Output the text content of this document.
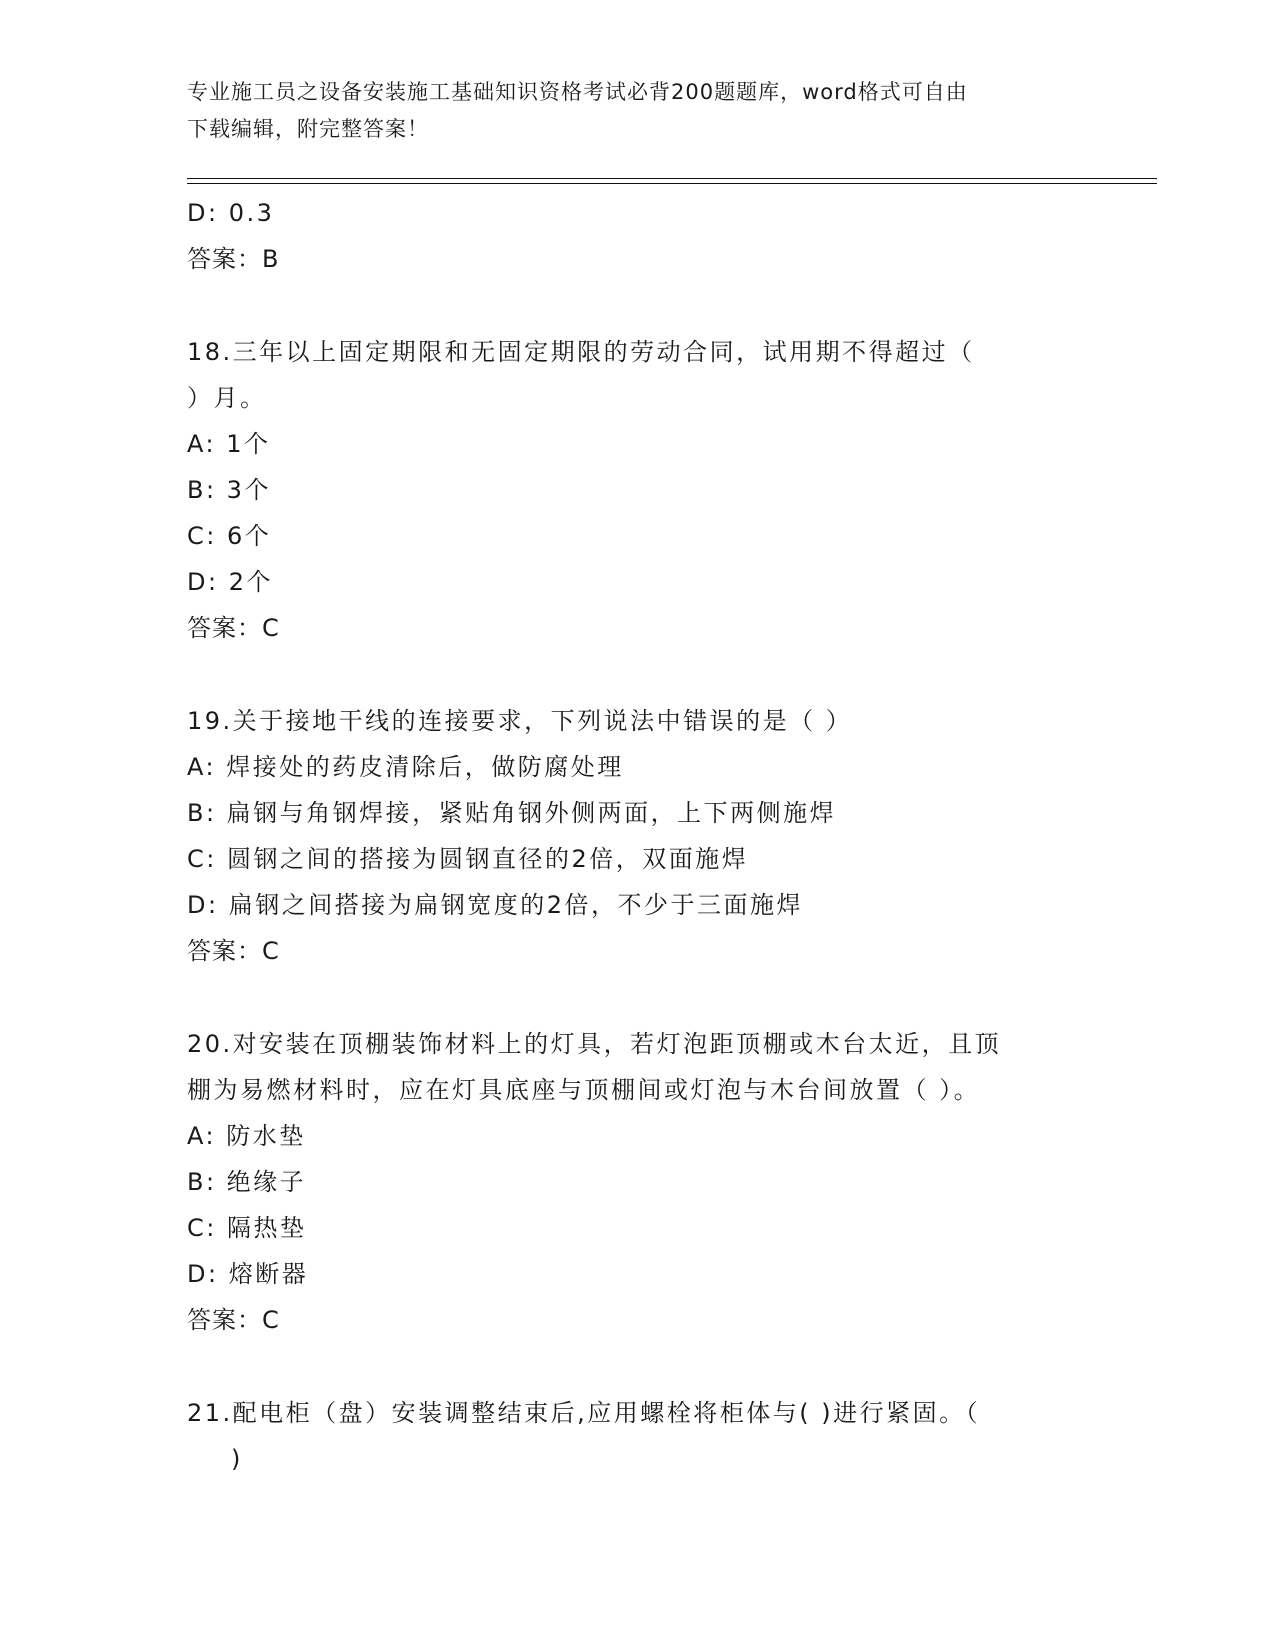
专业施工员之设备安装施工基础知识资格考试必背200题题库，word格式可自由
下载编辑，附完整答案！
D: 0.3
答案：B
18.三年以上固定期限和无固定期限的劳动合同，试用期不得超过（
）月。
A: 1个
B: 3个
C: 6个
D: 2个
答案：C
19.关于接地干线的连接要求，下列说法中错误的是（ ）
A: 焊接处的药皮清除后，做防腐处理
B: 扁钢与角钢焊接，紧贴角钢外侧两面，上下两侧施焊
C: 圆钢之间的搭接为圆钢直径的2倍，双面施焊
D: 扁钢之间搭接为扁钢宽度的2倍，不少于三面施焊
答案：C
20.对安装在顶棚装饰材料上的灯具，若灯泡距顶棚或木台太近，且顶
棚为易燃材料时，应在灯具底座与顶棚间或灯泡与木台间放置（ ）。
A: 防水垫
B: 绝缘子
C: 隔热垫
D: 熔断器
答案：C
21.配电柜（盘）安装调整结束后,应用螺栓将柜体与( )进行紧固。（
)
